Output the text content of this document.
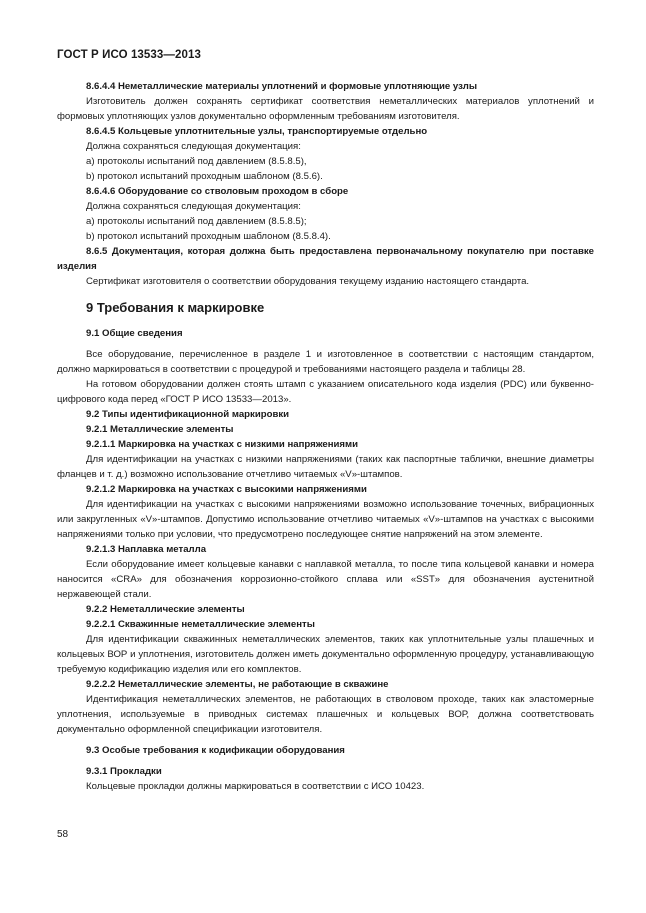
ГОСТ Р ИСО 13533—2013

8.6.4.4 Неметаллические материалы уплотнений и формовые уплотняющие узлы

Изготовитель должен сохранять сертификат соответствия неметаллических материалов уплотнений и формовых уплотняющих узлов документально оформленным требованиям изготовителя.

8.6.4.5 Кольцевые уплотнительные узлы, транспортируемые отдельно

Должна сохраняться следующая документация:

a) протоколы испытаний под давлением (8.5.8.5),

b) протокол испытаний проходным шаблоном (8.5.6).

8.6.4.6 Оборудование со стволовым проходом в сборе

Должна сохраняться следующая документация:

a) протоколы испытаний под давлением (8.5.8.5);

b) протокол испытаний проходным шаблоном (8.5.8.4).

8.6.5 Документация, которая должна быть предоставлена первоначальному покупателю при поставке изделия

Сертификат изготовителя о соответствии оборудования текущему изданию настоящего стандарта.

9 Требования к маркировке

9.1 Общие сведения

Все оборудование, перечисленное в разделе 1 и изготовленное в соответствии с настоящим стандартом, должно маркироваться в соответствии с процедурой и требованиями настоящего раздела и таблицы 28.

На готовом оборудовании должен стоять штамп с указанием описательного кода изделия (PDC) или буквенно-цифрового кода перед «ГОСТ Р ИСО 13533—2013».

9.2 Типы идентификационной маркировки

9.2.1 Металлические элементы

9.2.1.1 Маркировка на участках с низкими напряжениями

Для идентификации на участках с низкими напряжениями (таких как паспортные таблички, внешние диаметры фланцев и т. д.) возможно использование отчетливо читаемых «V»-штампов.

9.2.1.2 Маркировка на участках с высокими напряжениями

Для идентификации на участках с высокими напряжениями возможно использование точечных, вибрационных или закругленных «V»-штампов. Допустимо использование отчетливо читаемых «V»-штампов на участках с высокими напряжениями только при условии, что предусмотрено последующее снятие напряжений на этом элементе.

9.2.1.3 Наплавка металла

Если оборудование имеет кольцевые канавки с наплавкой металла, то после типа кольцевой канавки и номера наносится «CRA» для обозначения коррозионно-стойкого сплава или «SST» для обозначения аустенитной нержавеющей стали.

9.2.2 Неметаллические элементы

9.2.2.1 Скважинные неметаллические элементы

Для идентификации скважинных неметаллических элементов, таких как уплотнительные узлы плашечных и кольцевых ВОР и уплотнения, изготовитель должен иметь документально оформленную процедуру, устанавливающую требуемую кодификацию изделия или его комплектов.

9.2.2.2 Неметаллические элементы, не работающие в скважине

Идентификация неметаллических элементов, не работающих в стволовом проходе, таких как эластомерные уплотнения, используемые в приводных системах плашечных и кольцевых ВОР, должна соответствовать документально оформленной спецификации изготовителя.

9.3 Особые требования к кодификации оборудования

9.3.1 Прокладки

Кольцевые прокладки должны маркироваться в соответствии с ИСО 10423.

58
